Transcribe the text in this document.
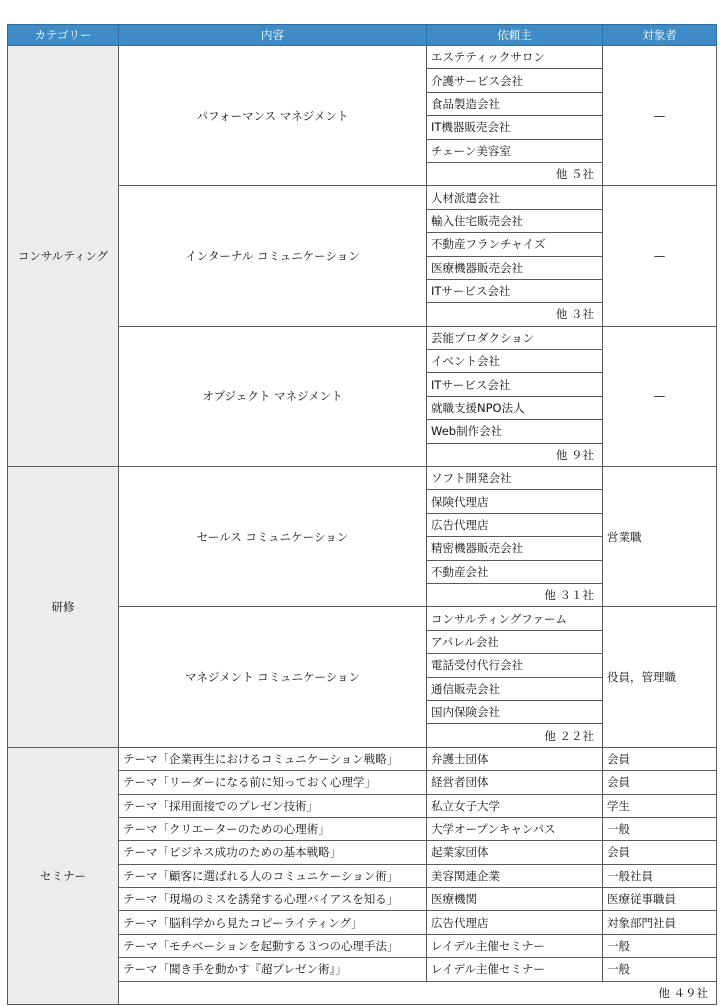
カテゴリー	内容	依頼主	対象者
コンサルティング	パフォーマンス マネジメント	エステティックサロン	—
		介護サービス会社	
		食品製造会社	
		IT機器販売会社	
		チェーン美容室	
		他 ５社	
	インターナル コミュニケーション	人材派遣会社	—
		輸入住宅販売会社	
		不動産フランチャイズ	
		医療機器販売会社	
		ITサービス会社	
		他 ３社	
	オブジェクト マネジメント	芸能プロダクション	—
		イベント会社	
		ITサービス会社	
		就職支援NPO法人	
		Web制作会社	
		他 ９社	
研修	セールス コミュニケーション	ソフト開発会社	営業職
		保険代理店	
		広告代理店	
		精密機器販売会社	
		不動産会社	
		他 ３１社	
	マネジメント コミュニケーション	コンサルティングファーム	役員，管理職
		アパレル会社	
		電話受付代行会社	
		通信販売会社	
		国内保険会社	
		他 ２２社	
セミナー	テーマ「企業再生におけるコミュニケーション戦略」	弁護士団体	会員
	テーマ「リーダーになる前に知っておく心理学」	経営者団体	会員
	テーマ「採用面接でのプレゼン技術」	私立女子大学	学生
	テーマ「クリエーターのための心理術」	大学オープンキャンパス	一般
	テーマ「ビジネス成功のための基本戦略」	起業家団体	会員
	テーマ「顧客に選ばれる人のコミュニケーション術」	美容関連企業	一般社員
	テーマ「現場のミスを誘発する心理バイアスを知る」	医療機関	医療従事職員
	テーマ「脳科学から見たコピーライティング」	広告代理店	対象部門社員
	テーマ「モチベーションを起動する３つの心理手法」	レイデル主催セミナー	一般
	テーマ「聞き手を動かす『超プレゼン術』」	レイデル主催セミナー	一般
	他 ４９社		
